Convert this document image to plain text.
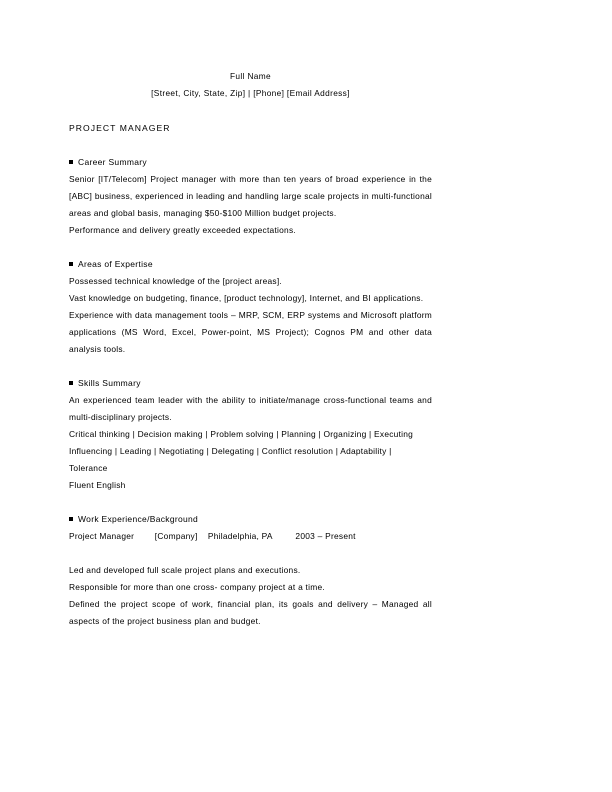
Full Name
[Street, City, State, Zip] | [Phone] [Email Address]
PROJECT MANAGER
Career Summary

Senior [IT/Telecom] Project manager with more than ten years of broad experience in the [ABC] business, experienced in leading and handling large scale projects in multi-functional areas and global basis, managing $50-$100 Million budget projects.

Performance and delivery greatly exceeded expectations.

Areas of Expertise

Possessed technical knowledge of the [project areas].

Vast knowledge on budgeting, finance, [product technology], Internet, and BI applications.

Experience with data management tools – MRP, SCM, ERP systems and Microsoft platform applications (MS Word, Excel, Power-point, MS Project); Cognos PM and other data analysis tools.

Skills Summary

An experienced team leader with the ability to initiate/manage cross-functional teams and multi-disciplinary projects.

Critical thinking | Decision making | Problem solving | Planning | Organizing | Executing

Influencing | Leading | Negotiating | Delegating | Conflict resolution | Adaptability | Tolerance

Fluent English

Work Experience/Background
Project Manager        [Company]    Philadelphia, PA         2003 – Present

Led and developed full scale project plans and executions.

Responsible for more than one cross- company project at a time.

Defined the project scope of work, financial plan, its goals and delivery – Managed all aspects of the project business plan and budget.
